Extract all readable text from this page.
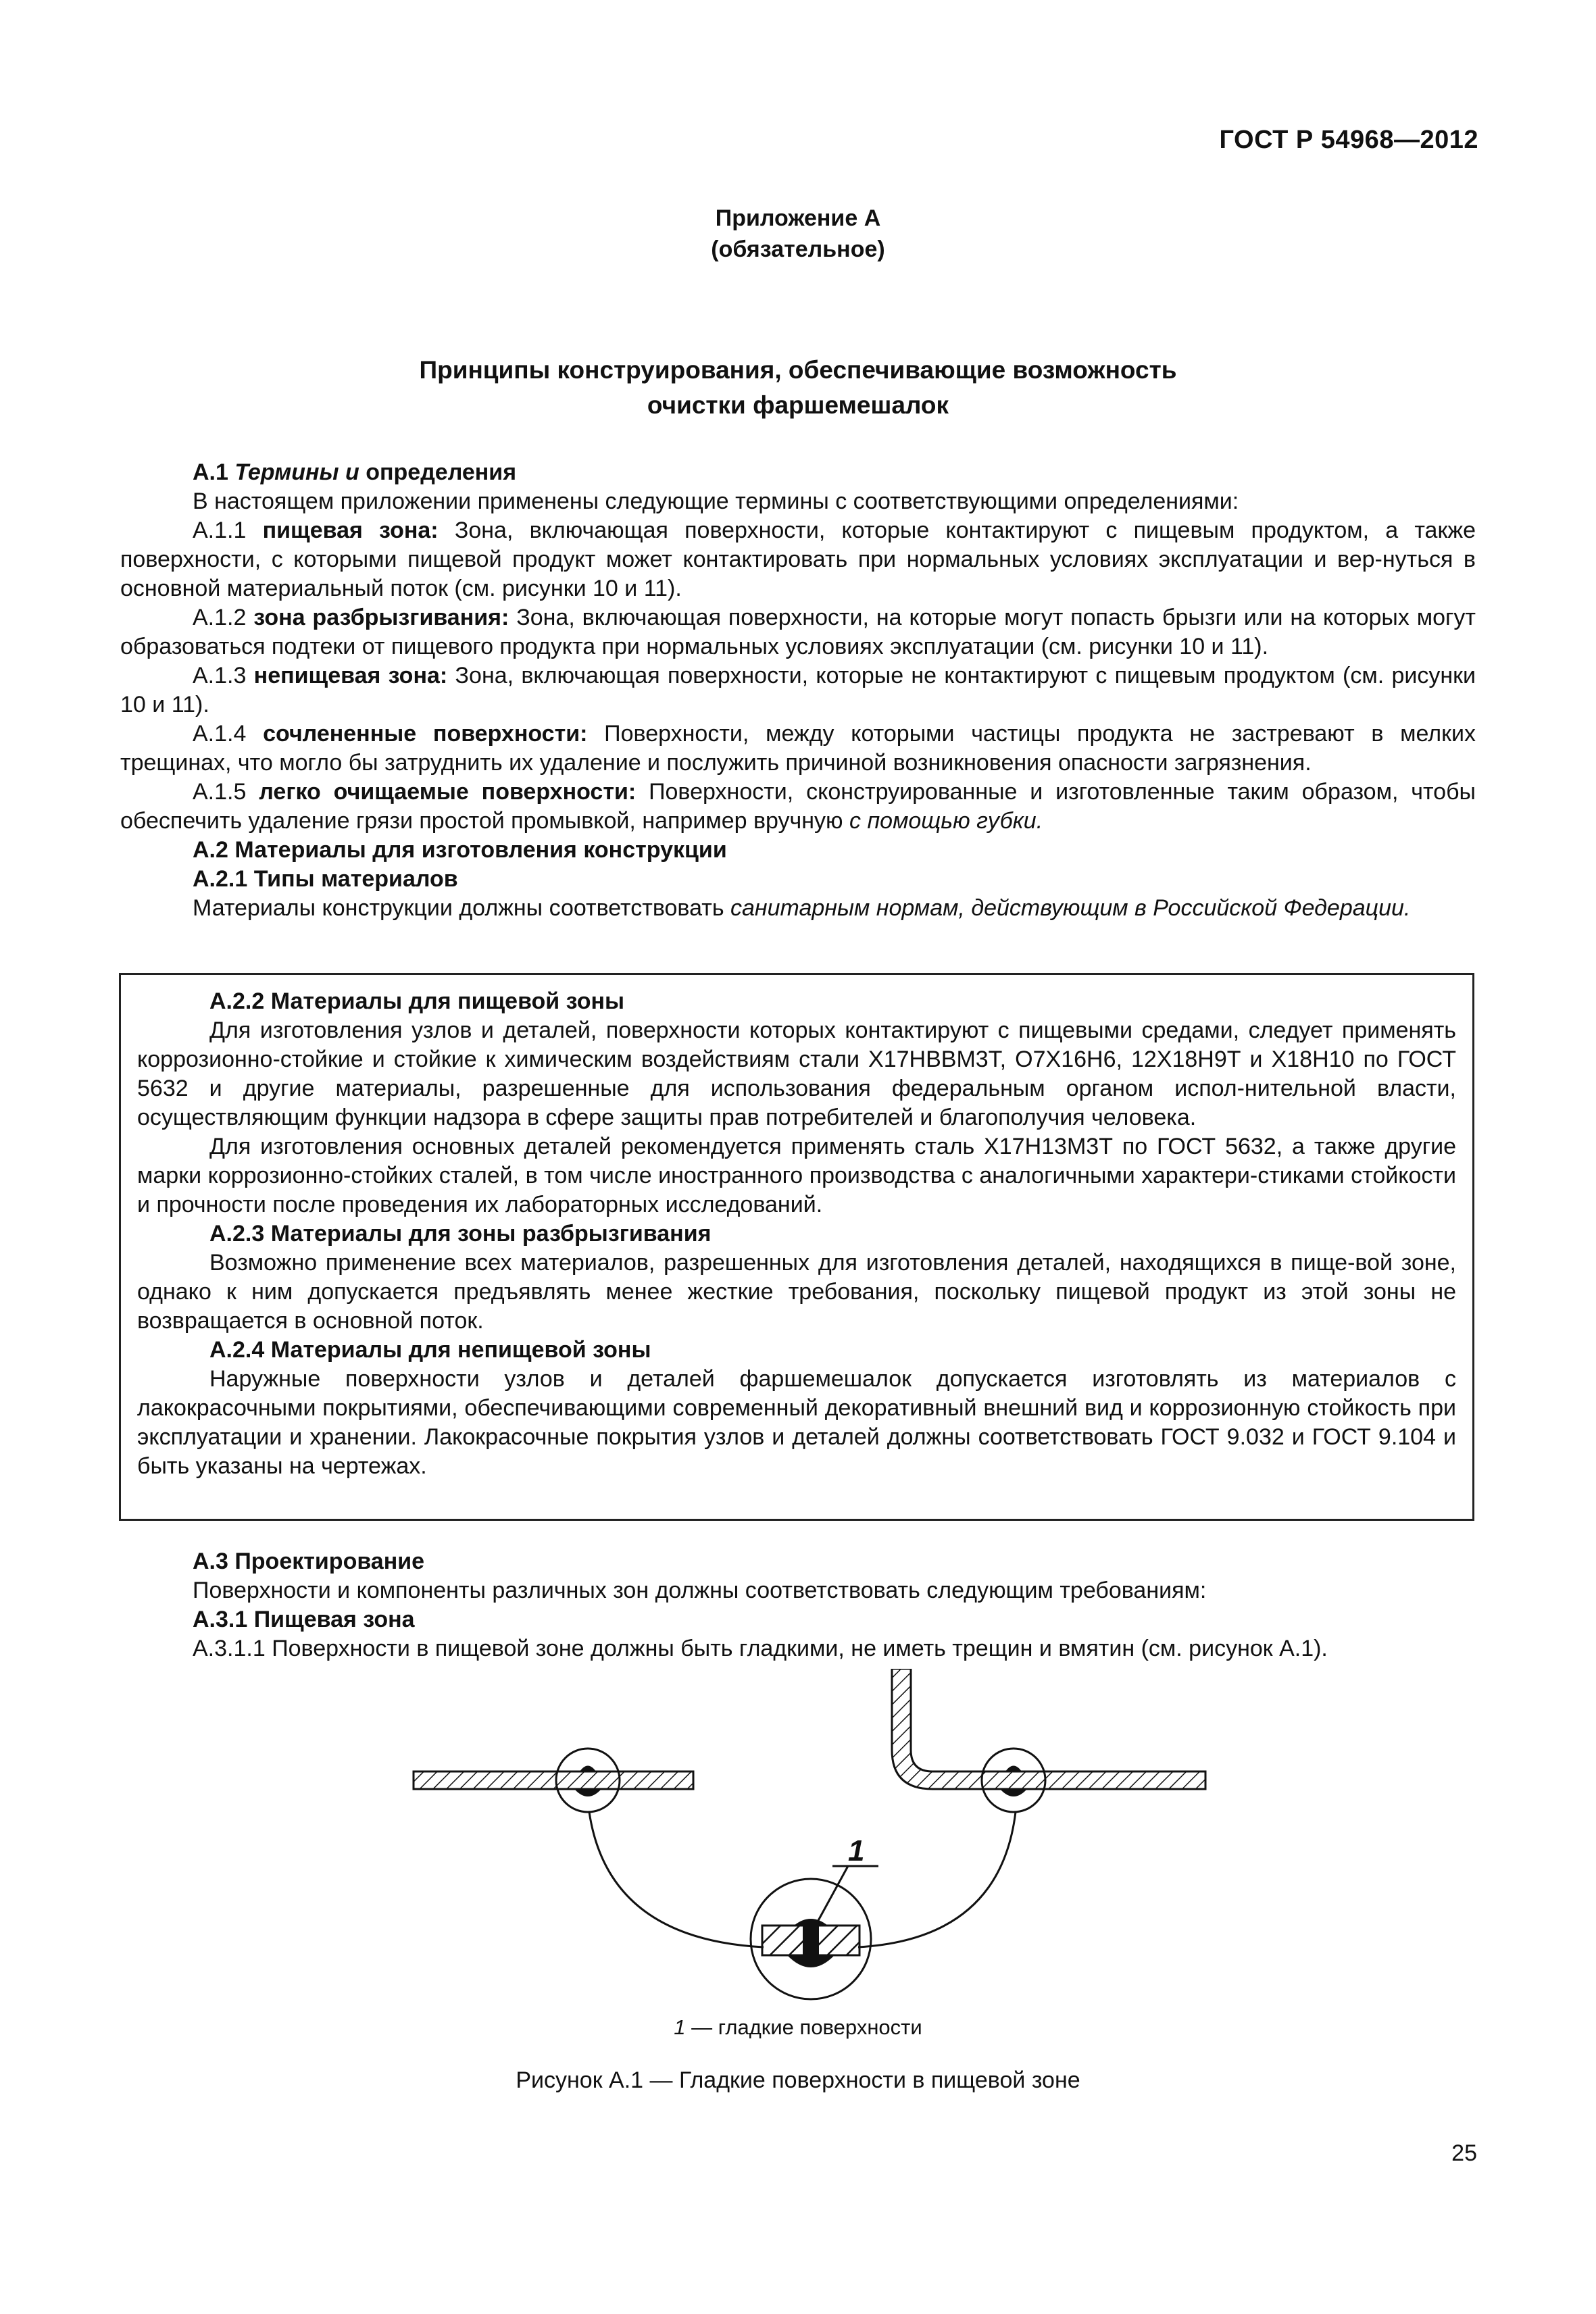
ГОСТ Р 54968—2012
Приложение А
(обязательное)
Принципы конструирования, обеспечивающие возможность
очистки фаршемешалок

А.1 Термины и определения

В настоящем приложении применены следующие термины с соответствующими определениями:

А.1.1 пищевая зона: Зона, включающая поверхности, которые контактируют с пищевым продуктом, а также поверхности, с которыми пищевой продукт может контактировать при нормальных условиях эксплуатации и вер-нуться в основной материальный поток (см. рисунки 10 и 11).

А.1.2 зона разбрызгивания: Зона, включающая поверхности, на которые могут попасть брызги или на которых могут образоваться подтеки от пищевого продукта при нормальных условиях эксплуатации (см. рисунки 10 и 11).

А.1.3 непищевая зона: Зона, включающая поверхности, которые не контактируют с пищевым продуктом (см. рисунки 10 и 11).

А.1.4 сочлененные поверхности: Поверхности, между которыми частицы продукта не застревают в мелких трещинах, что могло бы затруднить их удаление и послужить причиной возникновения опасности загрязнения.

А.1.5 легко очищаемые поверхности: Поверхности, сконструированные и изготовленные таким образом, чтобы обеспечить удаление грязи простой промывкой, например вручную с помощью губки.

А.2 Материалы для изготовления конструкции

А.2.1 Типы материалов

Материалы конструкции должны соответствовать санитарным нормам, действующим в Российской Федерации.

А.2.2 Материалы для пищевой зоны

Для изготовления узлов и деталей, поверхности которых контактируют с пищевыми средами, следует применять коррозионно-стойкие и стойкие к химическим воздействиям стали Х17НВВМ3Т, О7Х16Н6, 12Х18Н9Т и Х18Н10 по ГОСТ 5632 и другие материалы, разрешенные для использования федеральным органом испол-нительной власти, осуществляющим функции надзора в сфере защиты прав потребителей и благополучия человека.

Для изготовления основных деталей рекомендуется применять сталь Х17Н13М3Т по ГОСТ 5632, а также другие марки коррозионно-стойких сталей, в том числе иностранного производства с аналогичными характери-стиками стойкости и прочности после проведения их лабораторных исследований.

А.2.3 Материалы для зоны разбрызгивания

Возможно применение всех материалов, разрешенных для изготовления деталей, находящихся в пище-вой зоне, однако к ним допускается предъявлять менее жесткие требования, поскольку пищевой продукт из этой зоны не возвращается в основной поток.

А.2.4 Материалы для непищевой зоны

Наружные поверхности узлов и деталей фаршемешалок допускается изготовлять из материалов с лакокрасочными покрытиями, обеспечивающими современный декоративный внешний вид и коррозионную стойкость при эксплуатации и хранении. Лакокрасочные покрытия узлов и деталей должны соответствовать ГОСТ 9.032 и ГОСТ 9.104 и быть указаны на чертежах.

А.3 Проектирование

Поверхности и компоненты различных зон должны соответствовать следующим требованиям:

А.3.1 Пищевая зона

А.3.1.1 Поверхности в пищевой зоне должны быть гладкими, не иметь трещин и вмятин (см. рисунок А.1).

1
1 — гладкие поверхности
Рисунок А.1 — Гладкие поверхности в пищевой зоне
25
